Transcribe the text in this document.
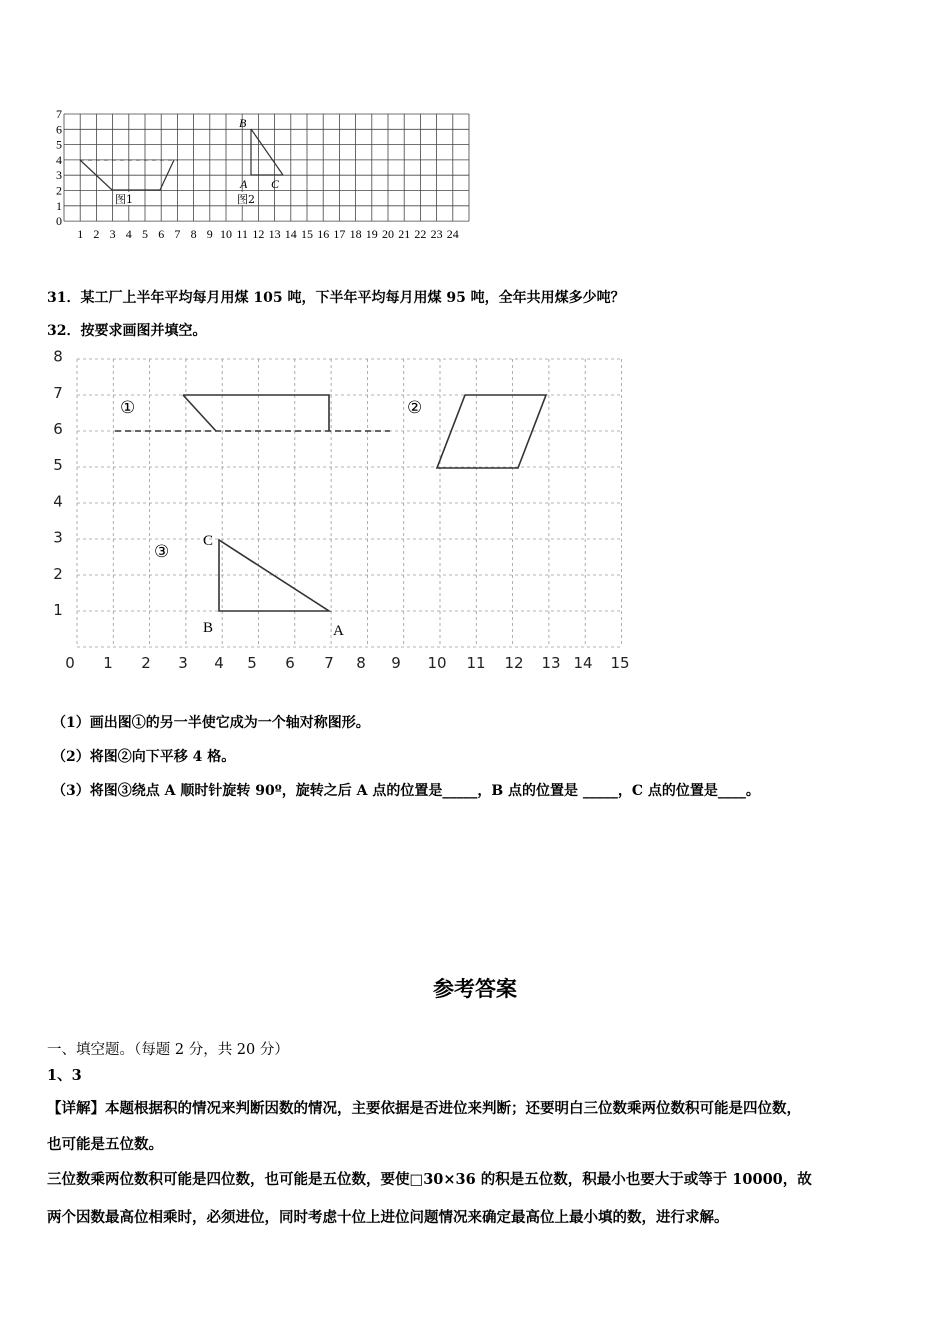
0
1
2
3
4
5
6
7
1 2 3 4 5 6 7 8 9 10 11 12 13 14 15 16 17 18 19 20 21 22 23 24
图1	图2
B
A C
31．某工厂上半年平均每月用煤 105 吨，下半年平均每月用煤 95 吨，全年共用煤多少吨？
32．按要求画图并填空。
1
2
3
4
5
6
7
8
0 1 2 3 4 5 6 7 8 9 10 11 12 13 14 15
①	②
③
C
B	A
（1）画出图①的另一半使它成为一个轴对称图形。
（2）将图②向下平移 4 格。
（3）将图③绕点 A 顺时针旋转 90º，旋转之后 A 点的位置是_____，B 点的位置是 _____，C 点的位置是____。
参考答案
一、填空题。（每题 2 分，共 20 分）
1、3
【详解】本题根据积的情况来判断因数的情况，主要依据是否进位来判断；还要明白三位数乘两位数积可能是四位数，
也可能是五位数。
三位数乘两位数积可能是四位数，也可能是五位数，要使□30×36 的积是五位数，积最小也要大于或等于 10000，故
两个因数最高位相乘时，必须进位，同时考虑十位上进位问题情况来确定最高位上最小填的数，进行求解。
